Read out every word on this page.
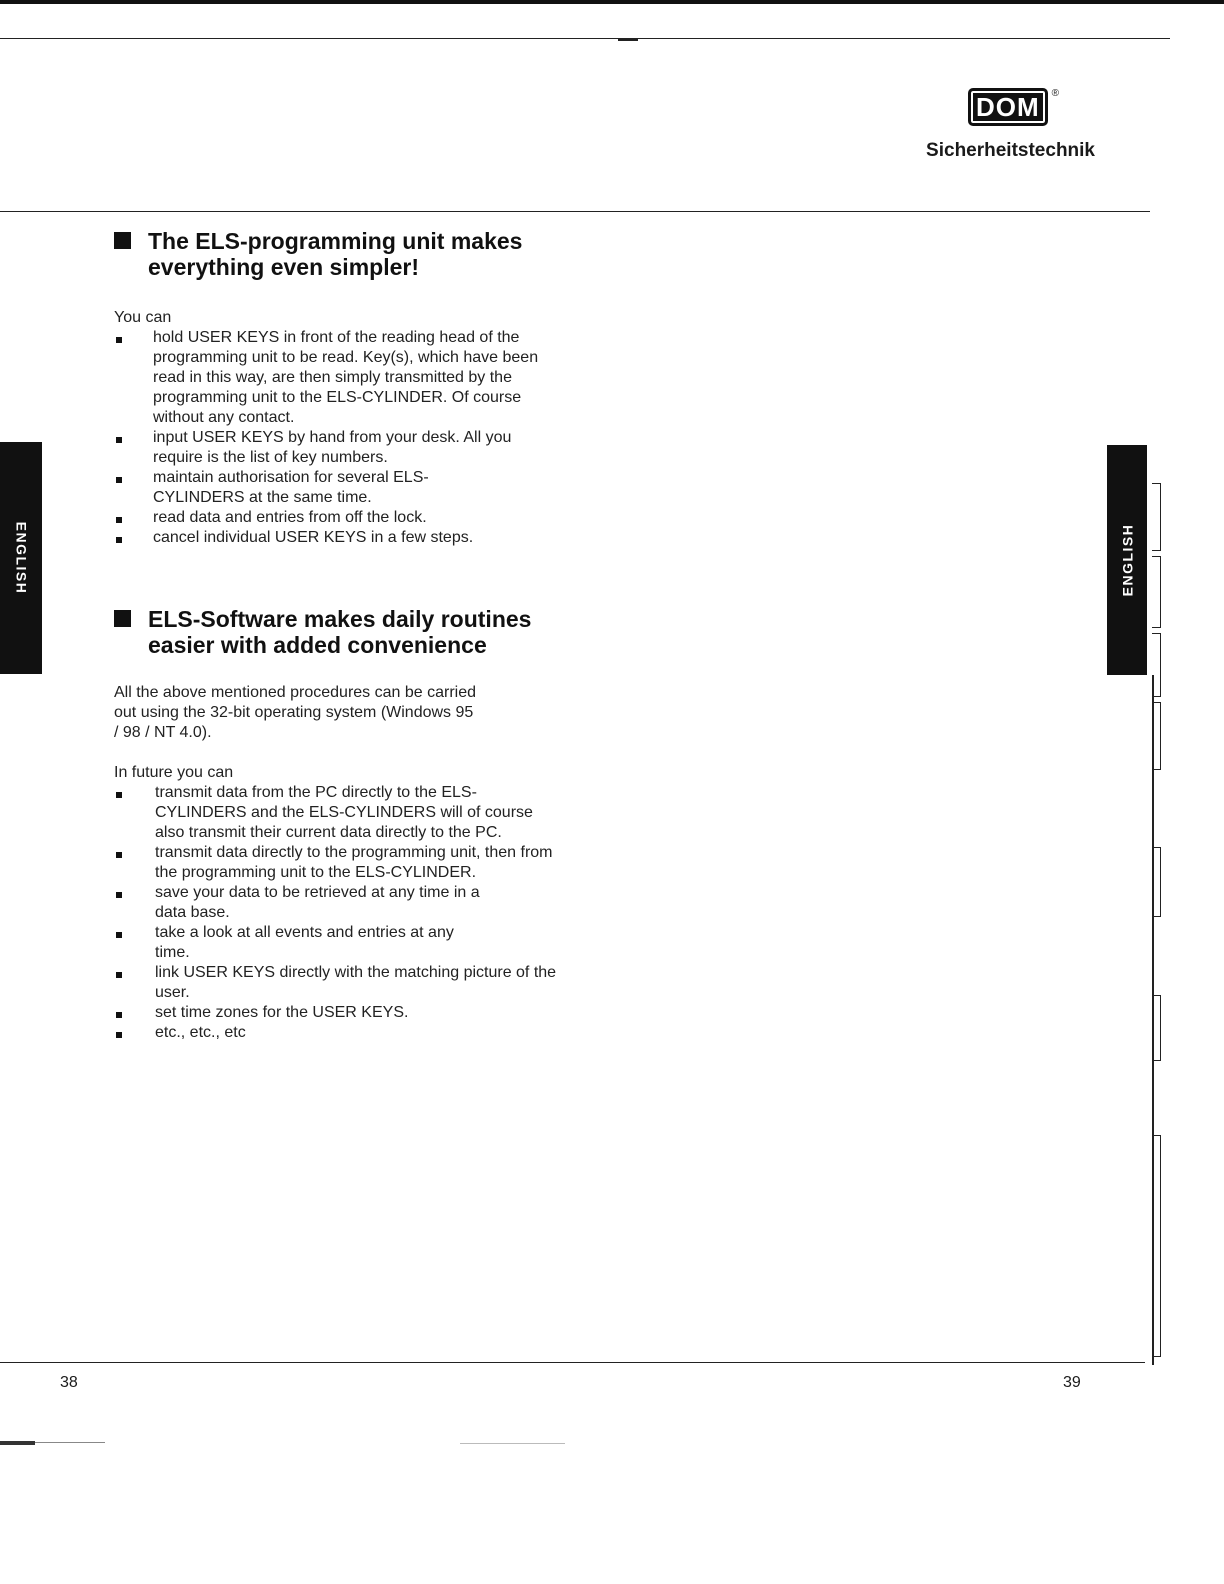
DOM ®
Sicherheitstechnik
ENGLISH	ENGLISH
The ELS-programming unit makes everything even simpler!
You can
hold USER KEYS in front of the reading head of the programming unit to be read. Key(s), which have been read in this way, are then simply transmitted by the programming unit to the ELS-CYLINDER. Of course without any contact.
input USER KEYS by hand from your desk. All you require is the list of key numbers.
maintain authorisation for several ELS-CYLINDERS at the same time.
read data and entries from off the lock.
cancel individual USER KEYS in a few steps.
ELS-Software makes daily routines easier with added convenience
All the above mentioned procedures can be carried out using the 32-bit operating system (Windows 95 / 98 / NT 4.0).
In future you can
transmit data from the PC directly to the ELS-CYLINDERS and the ELS-CYLINDERS will of course also transmit their current data directly to the PC.
transmit data directly to the programming unit, then from the programming unit to the ELS-CYLINDER.
save your data to be retrieved at any time in a data base.
take a look at all events and entries at any time.
link USER KEYS directly with the matching picture of the user.
set time zones for the USER KEYS.
etc., etc., etc
38	39
